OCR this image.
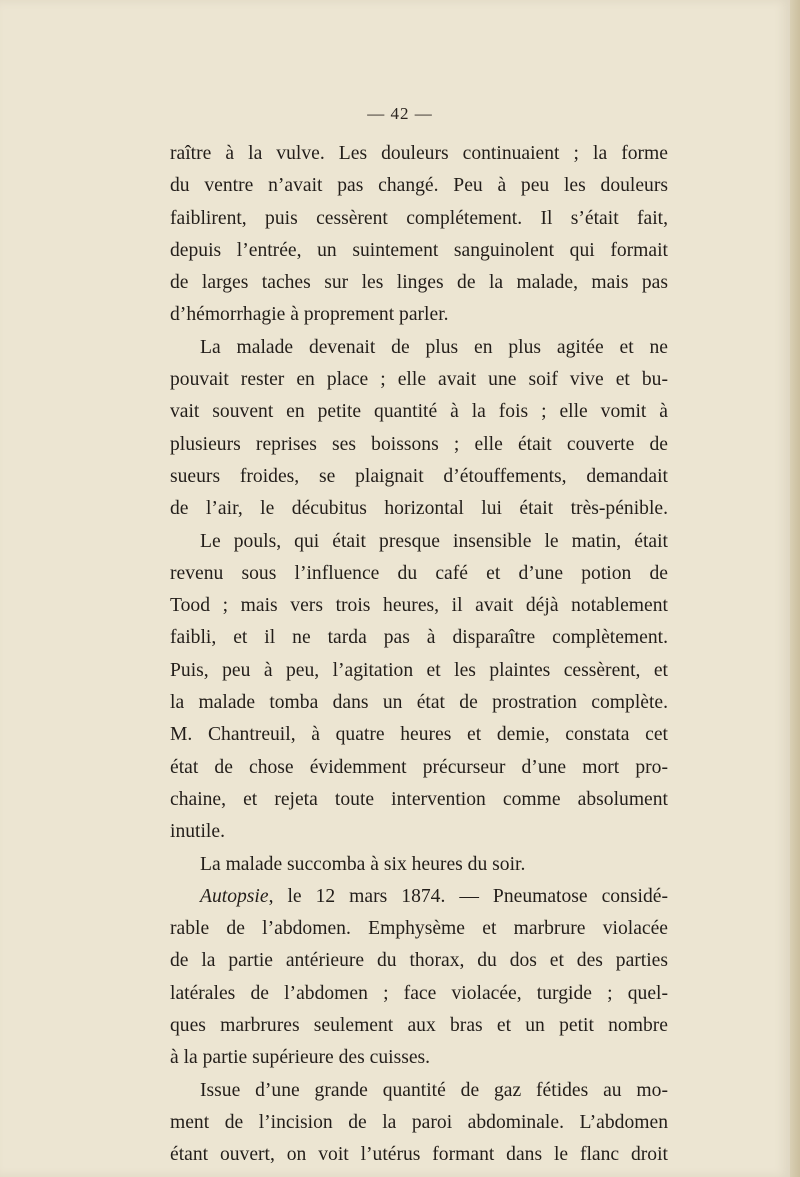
— 42 —

raître à la vulve. Les douleurs continuaient ; la forme
du ventre n’avait pas changé. Peu à peu les douleurs
faiblirent, puis cessèrent complétement. Il s’était fait,
depuis l’entrée, un suintement sanguinolent qui formait
de larges taches sur les linges de la malade, mais pas
d’hémorrhagie à proprement parler.

La malade devenait de plus en plus agitée et ne
pouvait rester en place ; elle avait une soif vive et bu-
vait souvent en petite quantité à la fois ; elle vomit à
plusieurs reprises ses boissons ; elle était couverte de
sueurs froides, se plaignait d’étouffements, demandait
de l’air, le décubitus horizontal lui était très-pénible.

Le pouls, qui était presque insensible le matin, était
revenu sous l’influence du café et d’une potion de
Tood ; mais vers trois heures, il avait déjà notablement
faibli, et il ne tarda pas à disparaître complètement.
Puis, peu à peu, l’agitation et les plaintes cessèrent, et
la malade tomba dans un état de prostration complète.
M. Chantreuil, à quatre heures et demie, constata cet
état de chose évidemment précurseur d’une mort pro-
chaine, et rejeta toute intervention comme absolument
inutile.

La malade succomba à six heures du soir.

Autopsie, le 12 mars 1874. — Pneumatose considé-
rable de l’abdomen. Emphysème et marbrure violacée
de la partie antérieure du thorax, du dos et des parties
latérales de l’abdomen ; face violacée, turgide ; quel-
ques marbrures seulement aux bras et un petit nombre
à la partie supérieure des cuisses.

Issue d’une grande quantité de gaz fétides au mo-
ment de l’incision de la paroi abdominale. L’abdomen
étant ouvert, on voit l’utérus formant dans le flanc droit
